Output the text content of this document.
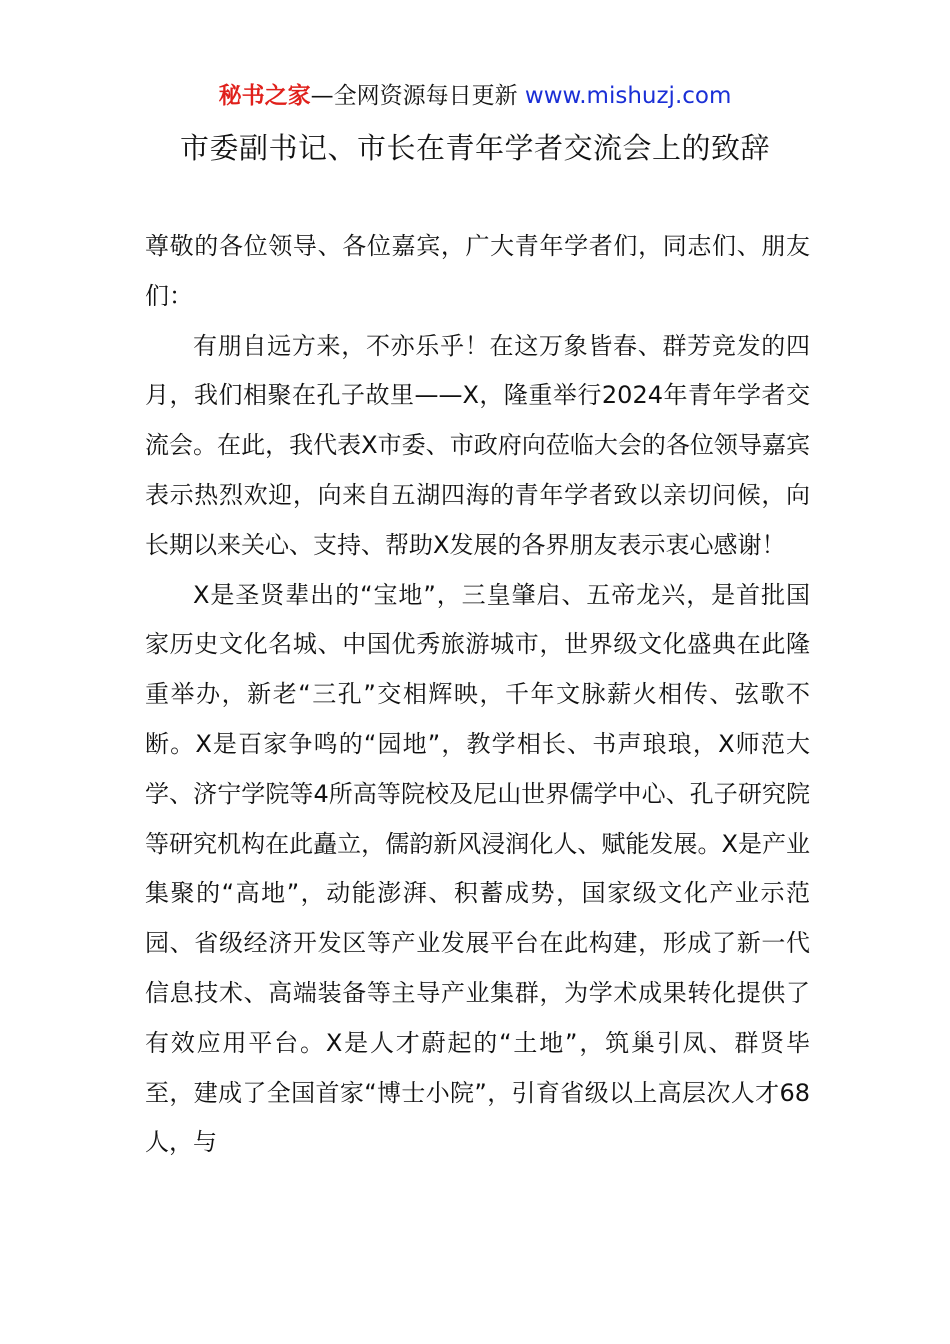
秘书之家—全网资源每日更新 www.mishuzj.com
市委副书记、市长在青年学者交流会上的致辞

尊敬的各位领导、各位嘉宾，广大青年学者们，同志们、朋友们：

有朋自远方来，不亦乐乎！在这万象皆春、群芳竞发的四月，我们相聚在孔子故里——X，隆重举行2024年青年学者交流会。在此，我代表X市委、市政府向莅临大会的各位领导嘉宾表示热烈欢迎，向来自五湖四海的青年学者致以亲切问候，向长期以来关心、支持、帮助X发展的各界朋友表示衷心感谢！

X是圣贤辈出的“宝地”，三皇肇启、五帝龙兴，是首批国家历史文化名城、中国优秀旅游城市，世界级文化盛典在此隆重举办，新老“三孔”交相辉映，千年文脉薪火相传、弦歌不断。X是百家争鸣的“园地”，教学相长、书声琅琅，X师范大学、济宁学院等4所高等院校及尼山世界儒学中心、孔子研究院等研究机构在此矗立，儒韵新风浸润化人、赋能发展。X是产业集聚的“高地”，动能澎湃、积蓄成势，国家级文化产业示范园、省级经济开发区等产业发展平台在此构建，形成了新一代信息技术、高端装备等主导产业集群，为学术成果转化提供了有效应用平台。X是人才蔚起的“土地”，筑巢引凤、群贤毕至，建成了全国首家“博士小院”，引育省级以上高层次人才68人，与
